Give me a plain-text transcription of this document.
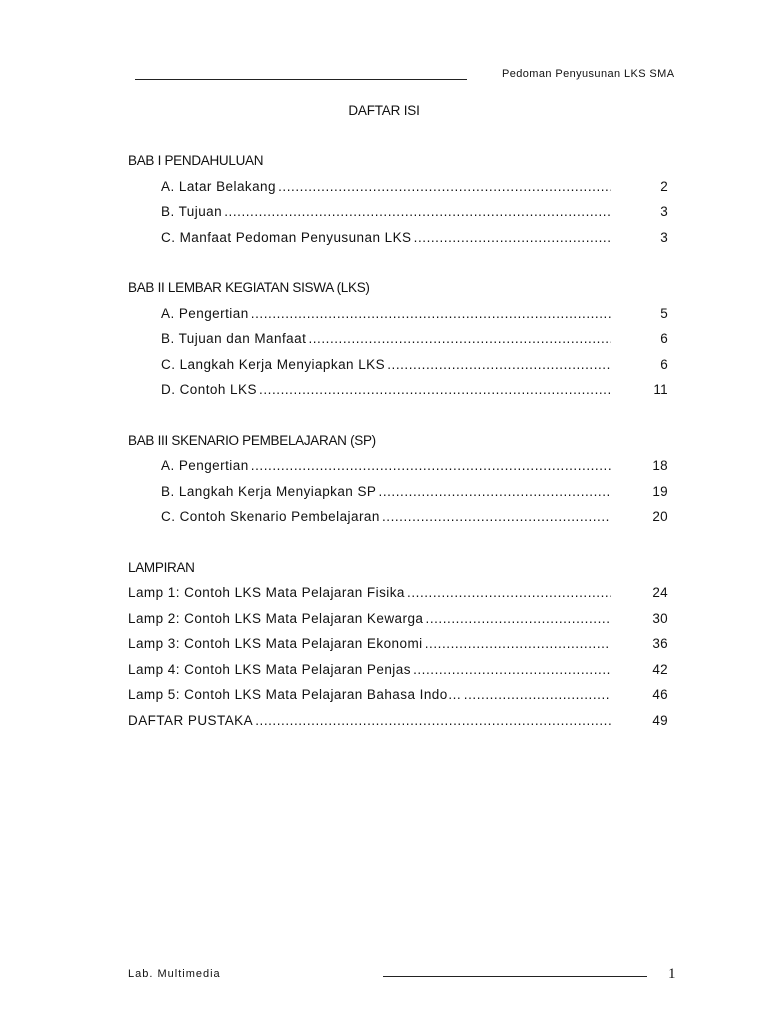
Pedoman Penyusunan LKS SMA
DAFTAR ISI
BAB I PENDAHULUAN
A. Latar Belakang . . .	2
B. Tujuan . . .	3
C. Manfaat Pedoman Penyusunan LKS . . .	3
BAB II LEMBAR KEGIATAN SISWA (LKS)
A. Pengertian . . .	5
B. Tujuan dan Manfaat . . .	6
C. Langkah Kerja Menyiapkan LKS . . .	6
D. Contoh LKS . . .	11
BAB III SKENARIO PEMBELAJARAN (SP)
A. Pengertian . . .	18
B. Langkah Kerja Menyiapkan SP . . .	19
C. Contoh Skenario Pembelajaran . . .	20
LAMPIRAN
Lamp 1: Contoh LKS Mata Pelajaran Fisika . . .	24
Lamp 2: Contoh LKS Mata Pelajaran Kewarga . . .	30
Lamp 3: Contoh LKS Mata Pelajaran Ekonomi . . .	36
Lamp 4: Contoh LKS Mata Pelajaran Penjas . . .	42
Lamp 5: Contoh LKS Mata Pelajaran Bahasa Indo… . . .	46
DAFTAR PUSTAKA . . .	49
Lab. Multimedia	1
